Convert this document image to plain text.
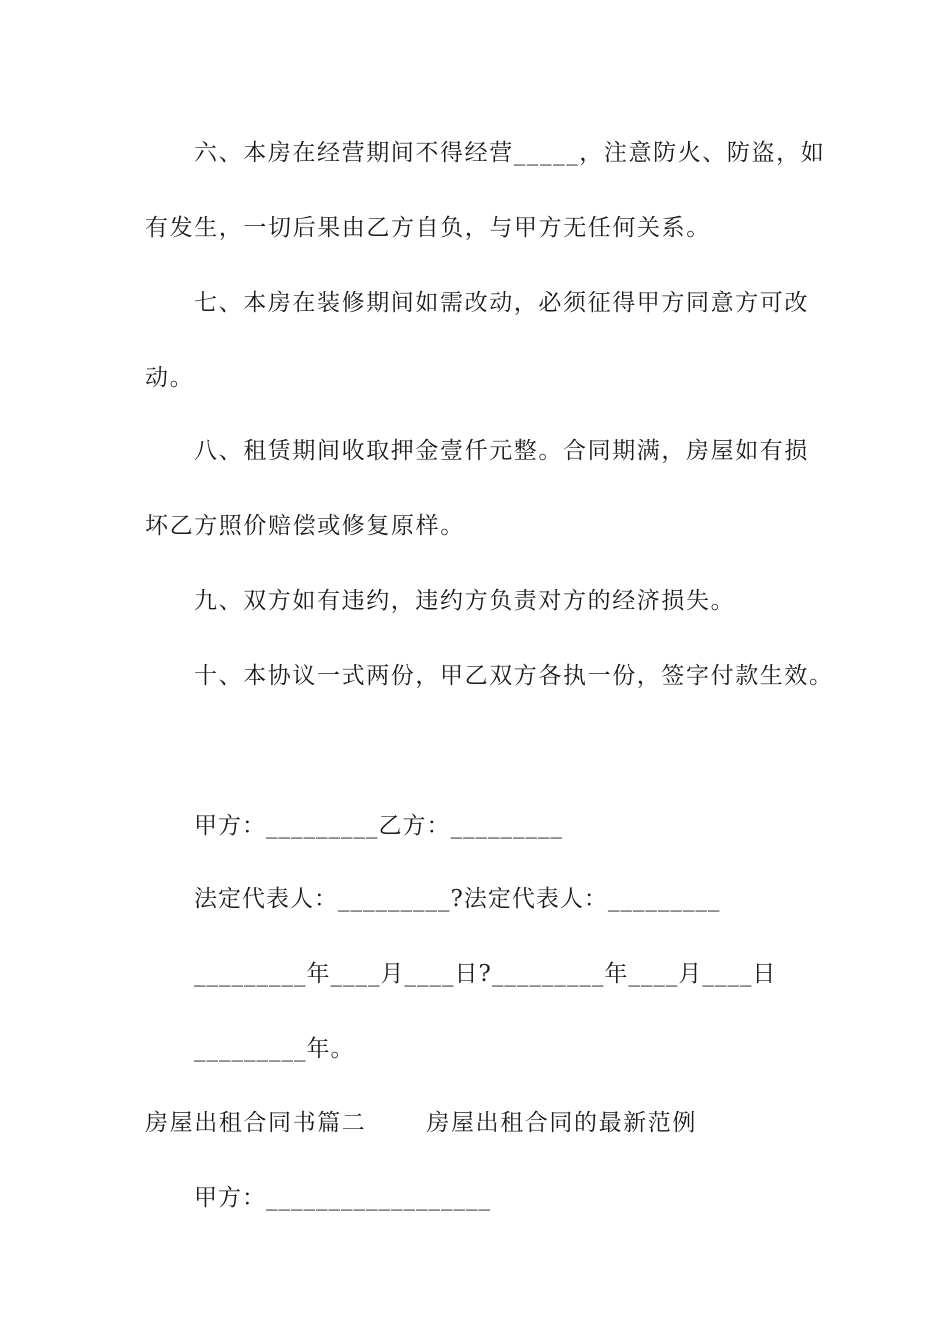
六、本房在经营期间不得经营_____，注意防火、防盗，如
有发生，一切后果由乙方自负，与甲方无任何关系。
七、本房在装修期间如需改动，必须征得甲方同意方可改
动。
八、租赁期间收取押金壹仟元整。合同期满，房屋如有损
坏乙方照价赔偿或修复原样。
九、双方如有违约，违约方负责对方的经济损失。
十、本协议一式两份，甲乙双方各执一份，签字付款生效。
甲方：_________乙方：_________
法定代表人：_________?法定代表人：_________
_________年____月____日?_________年____月____日
_________年。
房屋出租合同书篇二	房屋出租合同的最新范例
甲方：__________________
